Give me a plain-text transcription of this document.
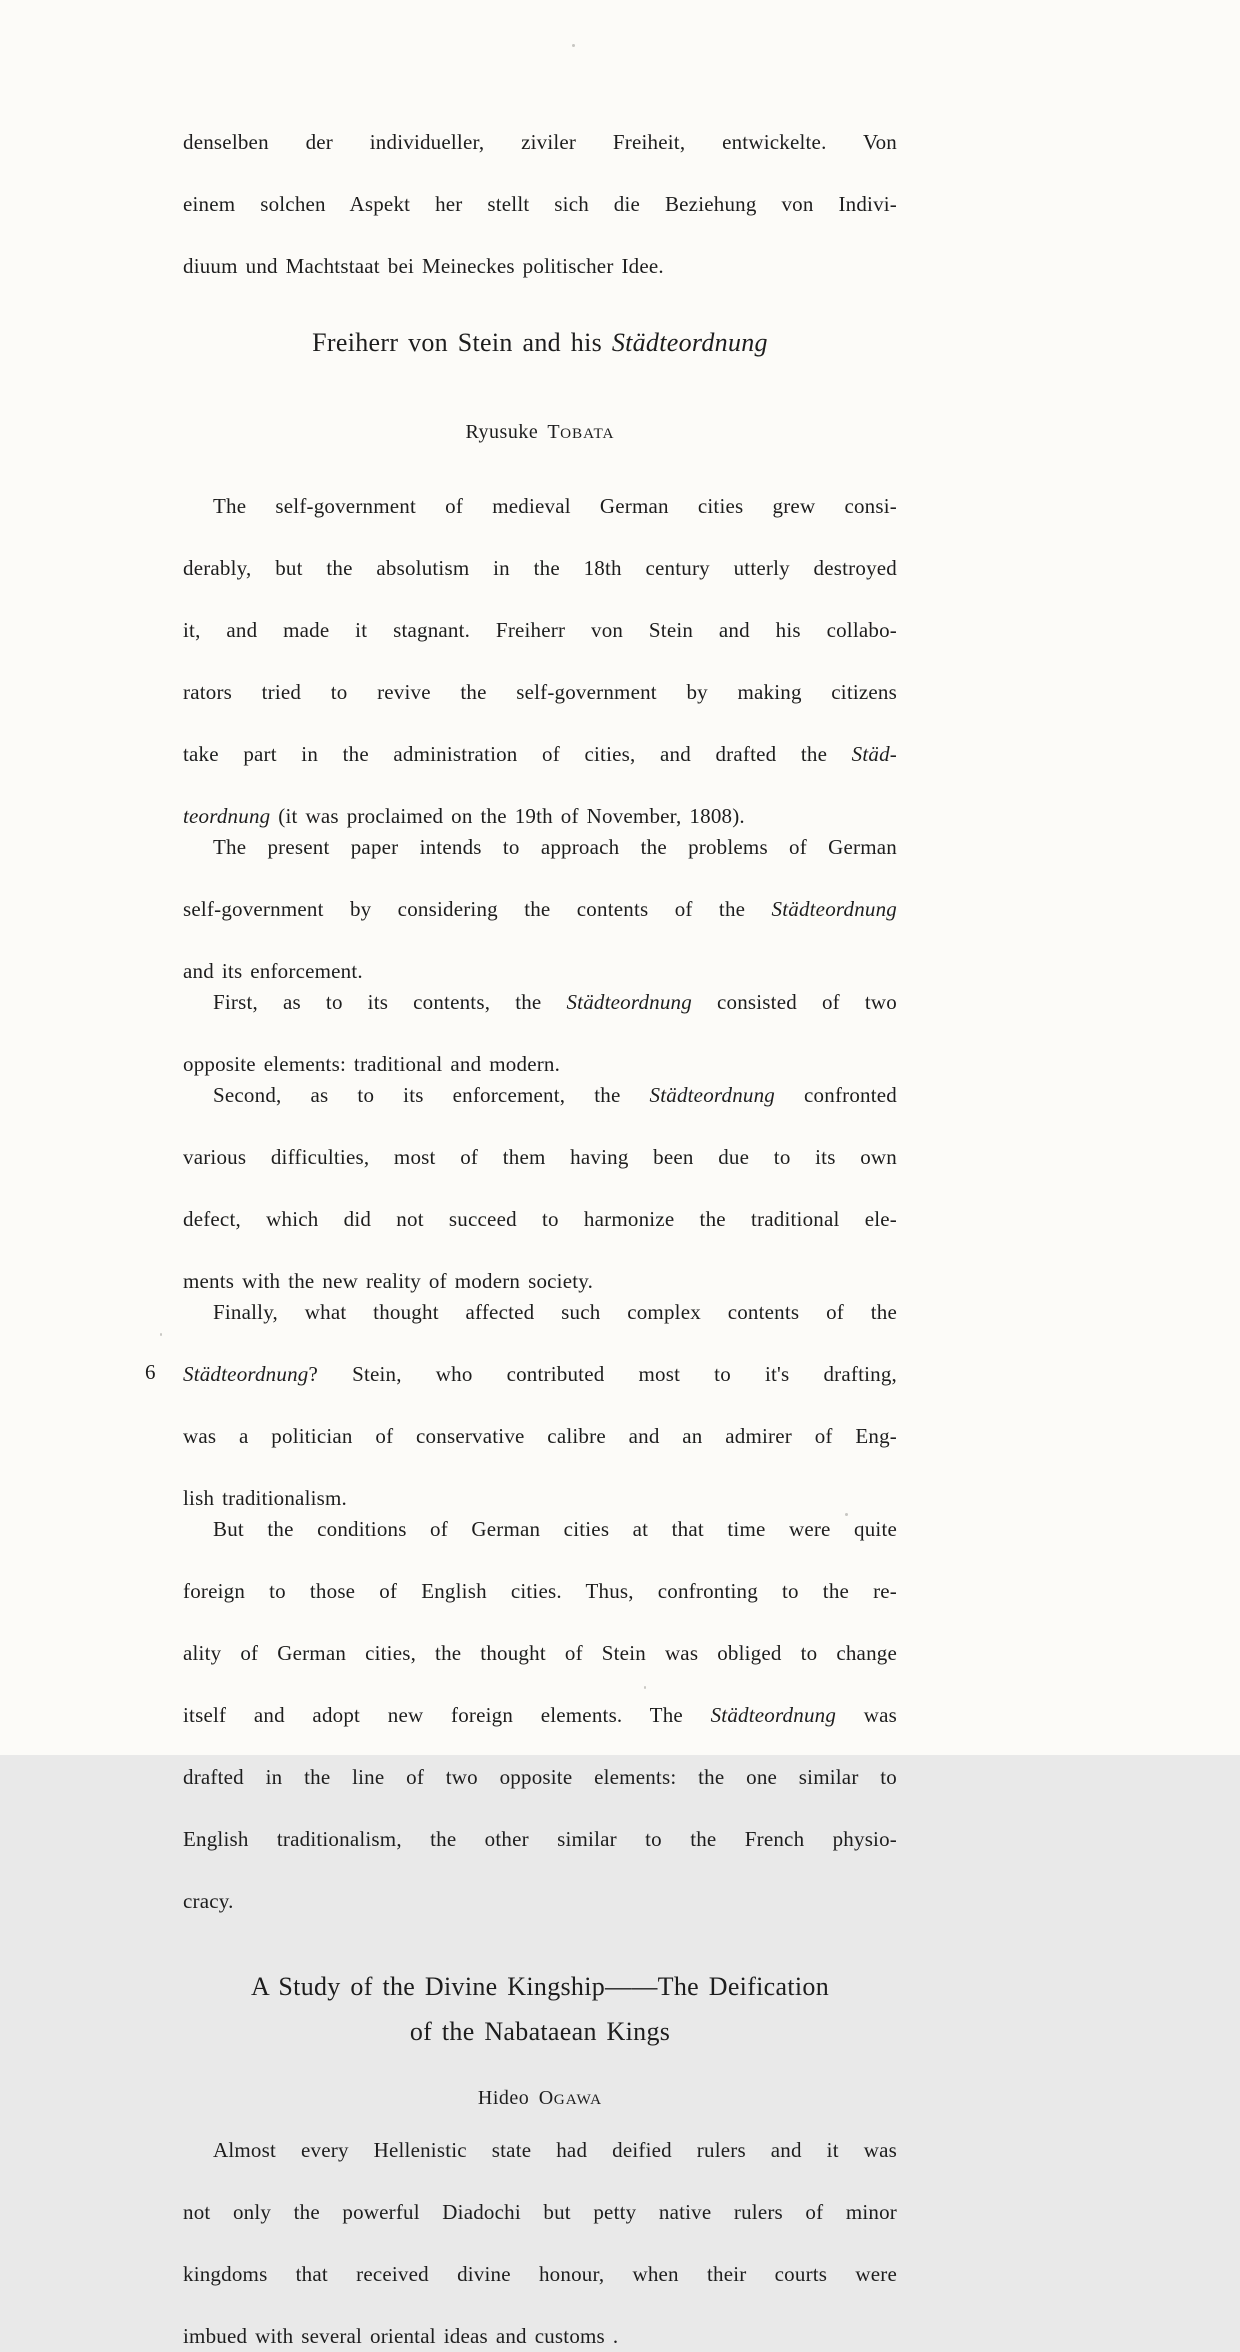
denselben der individueller, ziviler Freiheit, entwickelte. Von
einem solchen Aspekt her stellt sich die Beziehung von Indivi-
diuum und Machtstaat bei Meineckes politischer Idee.
Freiherr von Stein and his Städteordnung
Ryusuke TOBATA
The self-government of medieval German cities grew consi-
derably, but the absolutism in the 18th century utterly destroyed
it, and made it stagnant. Freiherr von Stein and his collabo-
rators tried to revive the self-government by making citizens
take part in the administration of cities, and drafted the Städ-
teordnung (it was proclaimed on the 19th of November, 1808).
The present paper intends to approach the problems of German
self-government by considering the contents of the Städteordnung
and its enforcement.
First, as to its contents, the Städteordnung consisted of two
opposite elements: traditional and modern.
Second, as to its enforcement, the Städteordnung confronted
various difficulties, most of them having been due to its own
defect, which did not succeed to harmonize the traditional ele-
ments with the new reality of modern society.
Finally, what thought affected such complex contents of the
Städteordnung? Stein, who contributed most to it's drafting,
was a politician of conservative calibre and an admirer of Eng-
lish traditionalism.
But the conditions of German cities at that time were quite
foreign to those of English cities. Thus, confronting to the re-
ality of German cities, the thought of Stein was obliged to change
itself and adopt new foreign elements. The Städteordnung was
drafted in the line of two opposite elements: the one similar to
English traditionalism, the other similar to the French physio-
cracy.
A Study of the Divine Kingship——The Deification
of the Nabataean Kings
Hideo OGAWA
Almost every Hellenistic state had deified rulers and it was
not only the powerful Diadochi but petty native rulers of minor
kingdoms that received divine honour, when their courts were
imbued with several oriental ideas and customs .
6
